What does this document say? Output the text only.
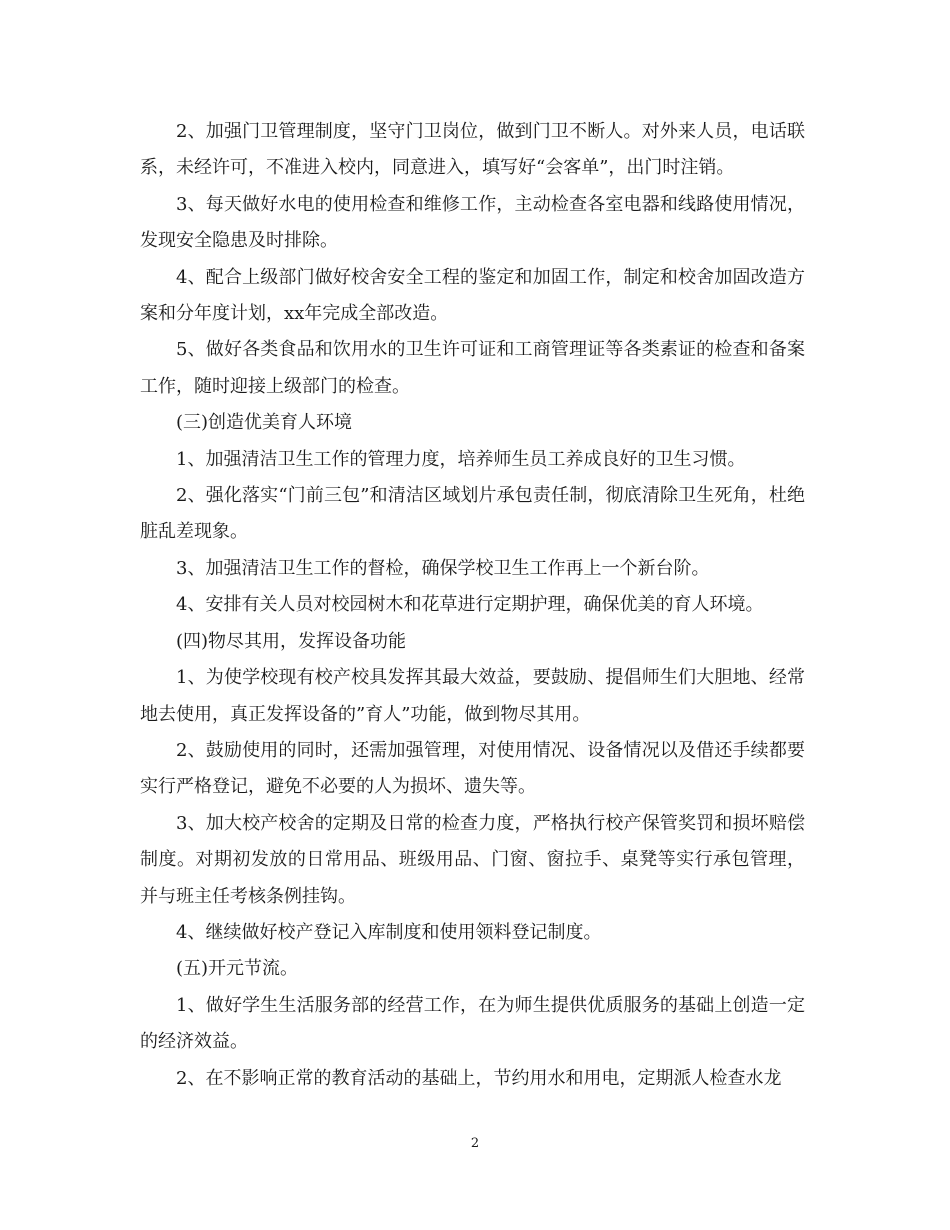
2、加强门卫管理制度，坚守门卫岗位，做到门卫不断人。对外来人员，电话联系，未经许可，不准进入校内，同意进入，填写好“会客单”，出门时注销。

3、每天做好水电的使用检查和维修工作，主动检查各室电器和线路使用情况，发现安全隐患及时排除。

4、配合上级部门做好校舍安全工程的鉴定和加固工作，制定和校舍加固改造方案和分年度计划，xx年完成全部改造。

5、做好各类食品和饮用水的卫生许可证和工商管理证等各类素证的检查和备案工作，随时迎接上级部门的检查。

(三)创造优美育人环境

1、加强清洁卫生工作的管理力度，培养师生员工养成良好的卫生习惯。

2、强化落实“门前三包”和清洁区域划片承包责任制，彻底清除卫生死角，杜绝脏乱差现象。

3、加强清洁卫生工作的督检，确保学校卫生工作再上一个新台阶。

4、安排有关人员对校园树木和花草进行定期护理，确保优美的育人环境。

(四)物尽其用，发挥设备功能

1、为使学校现有校产校具发挥其最大效益，要鼓励、提倡师生们大胆地、经常地去使用，真正发挥设备的”育人”功能，做到物尽其用。

2、鼓励使用的同时，还需加强管理，对使用情况、设备情况以及借还手续都要实行严格登记，避免不必要的人为损坏、遗失等。

3、加大校产校舍的定期及日常的检查力度，严格执行校产保管奖罚和损坏赔偿制度。对期初发放的日常用品、班级用品、门窗、窗拉手、桌凳等实行承包管理，并与班主任考核条例挂钩。

4、继续做好校产登记入库制度和使用领料登记制度。

(五)开元节流。

1、做好学生生活服务部的经营工作，在为师生提供优质服务的基础上创造一定的经济效益。

2、在不影响正常的教育活动的基础上，节约用水和用电，定期派人检查水龙

2
